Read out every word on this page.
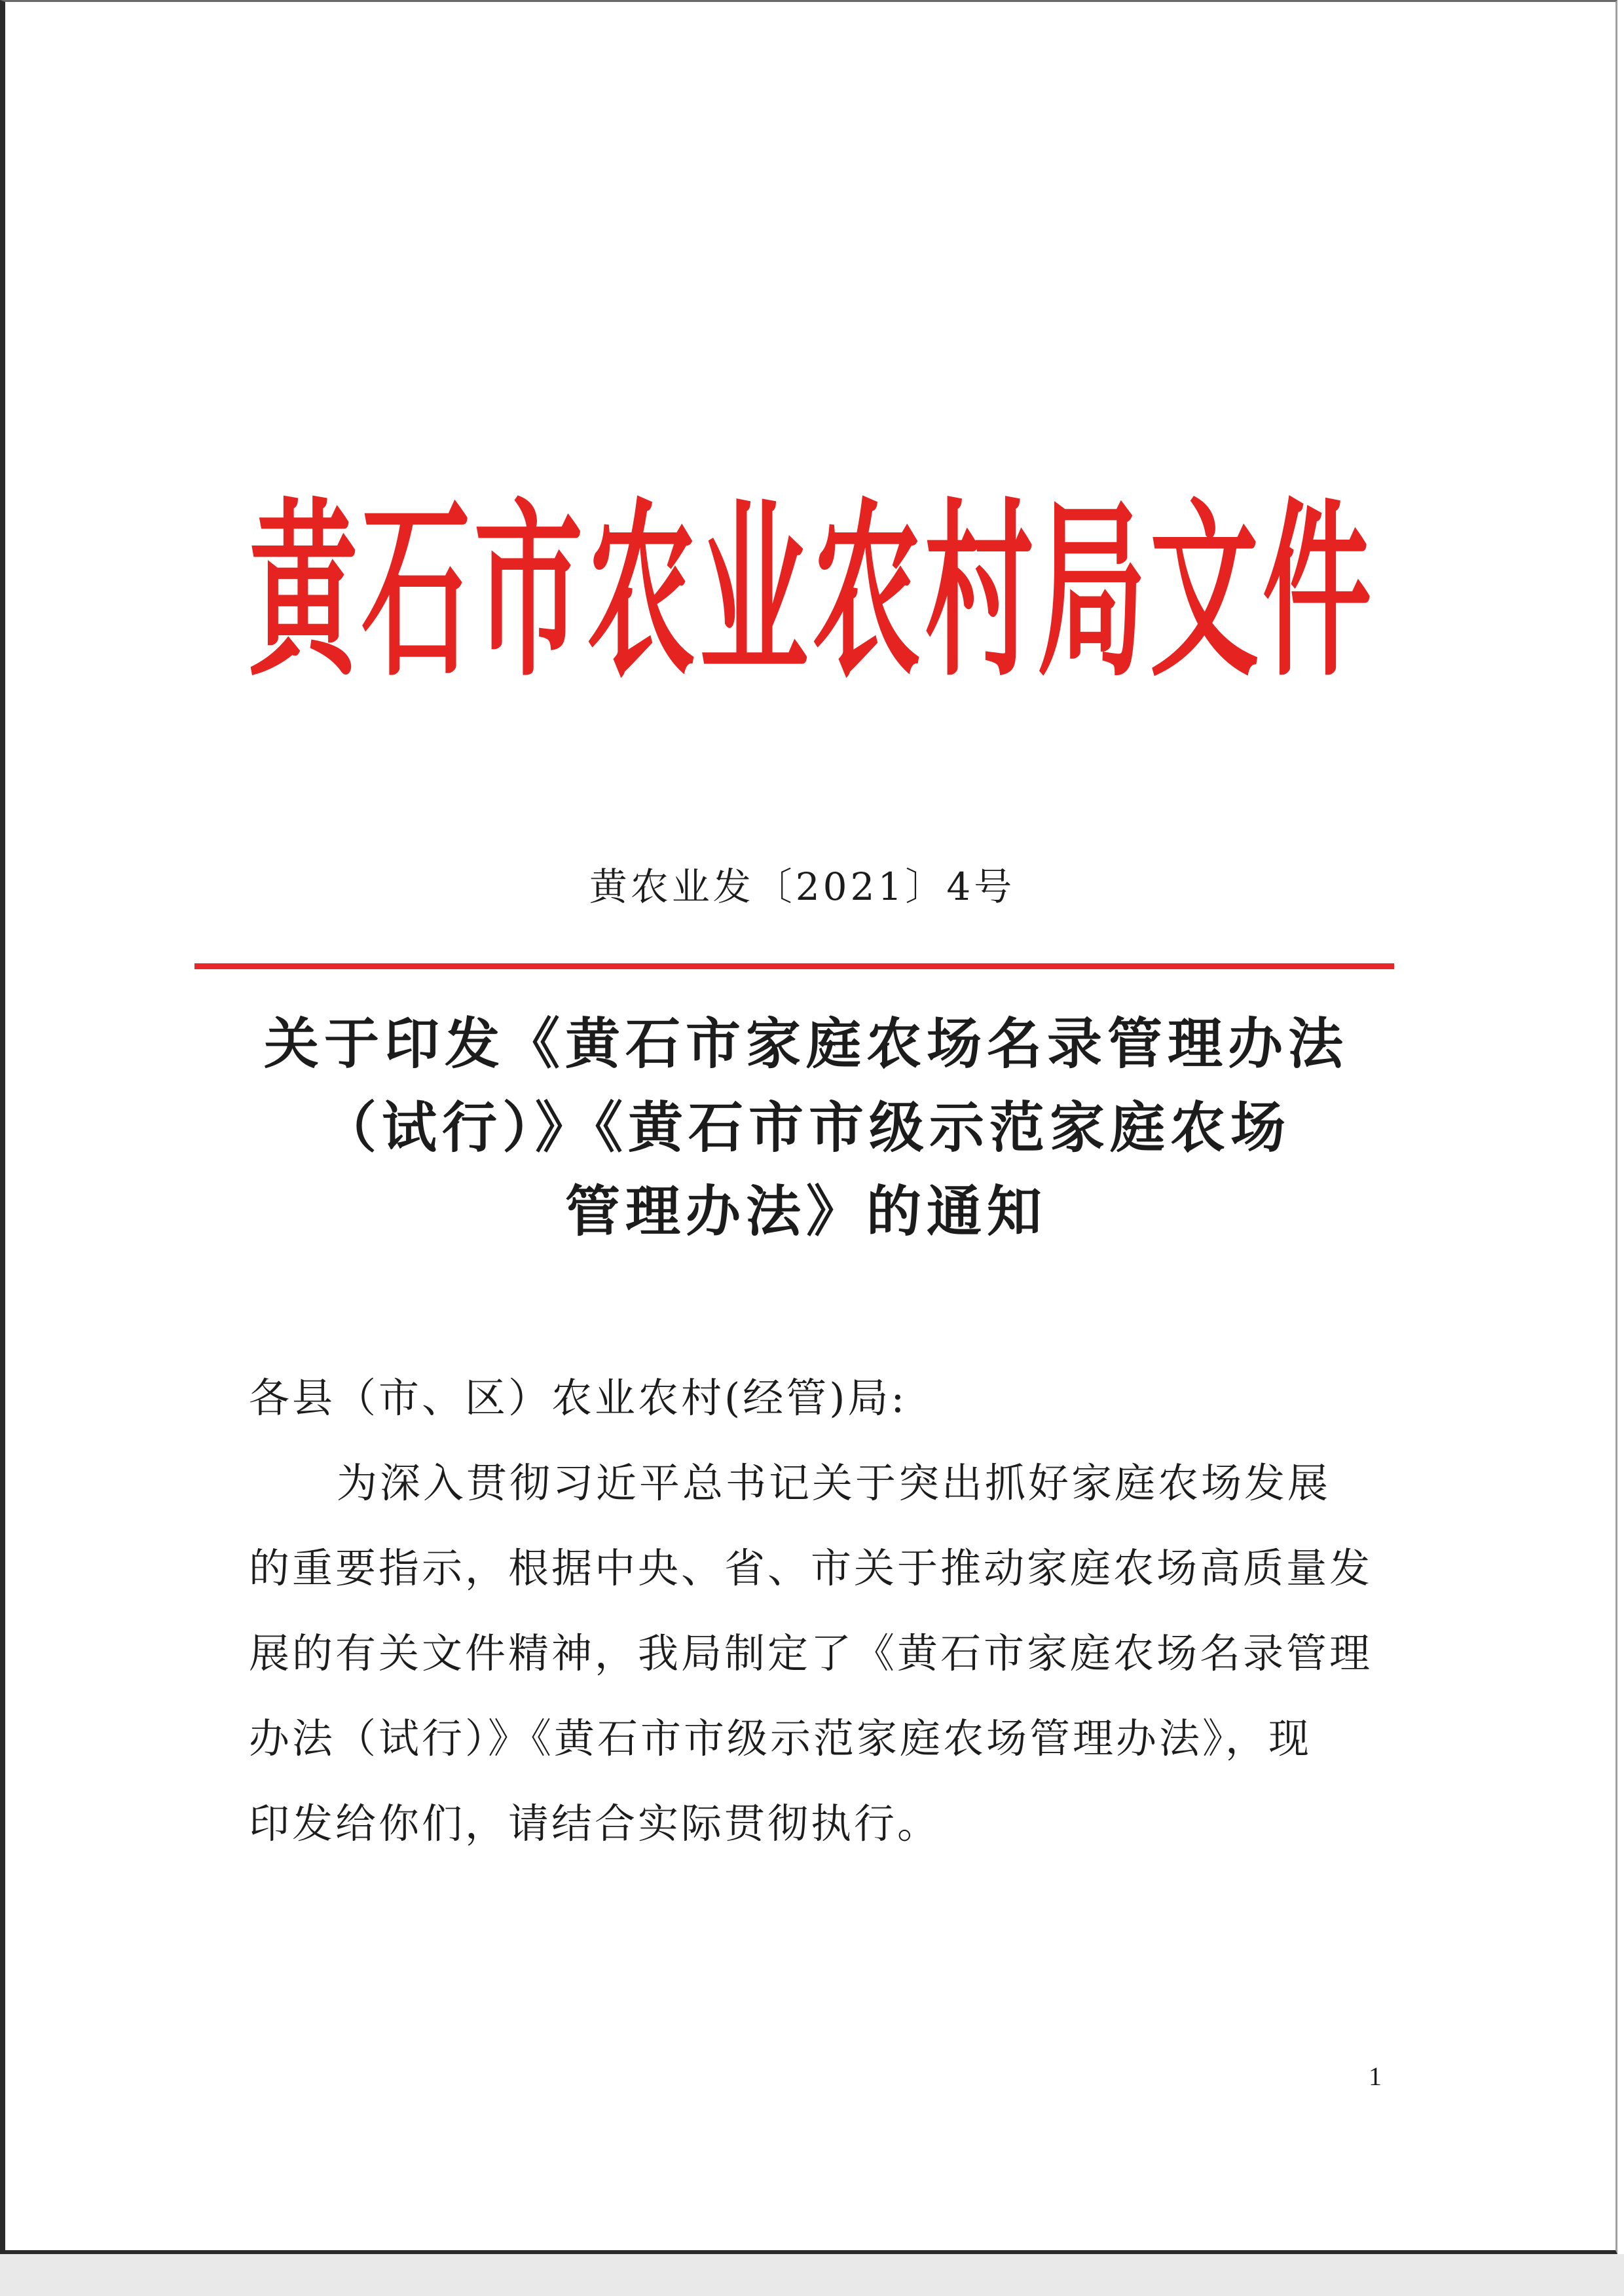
黄石市农业农村局文件
黄农业发〔2021〕4号
关于印发《黄石市家庭农场名录管理办法
（试行）》《黄石市市级示范家庭农场
管理办法》的通知
各县（市、区）农业农村(经管)局:
为深入贯彻习近平总书记关于突出抓好家庭农场发展
的重要指示，根据中央、省、市关于推动家庭农场高质量发
展的有关文件精神，我局制定了《黄石市家庭农场名录管理
办法（试行）》《黄石市市级示范家庭农场管理办法》，现
印发给你们，请结合实际贯彻执行。
1
